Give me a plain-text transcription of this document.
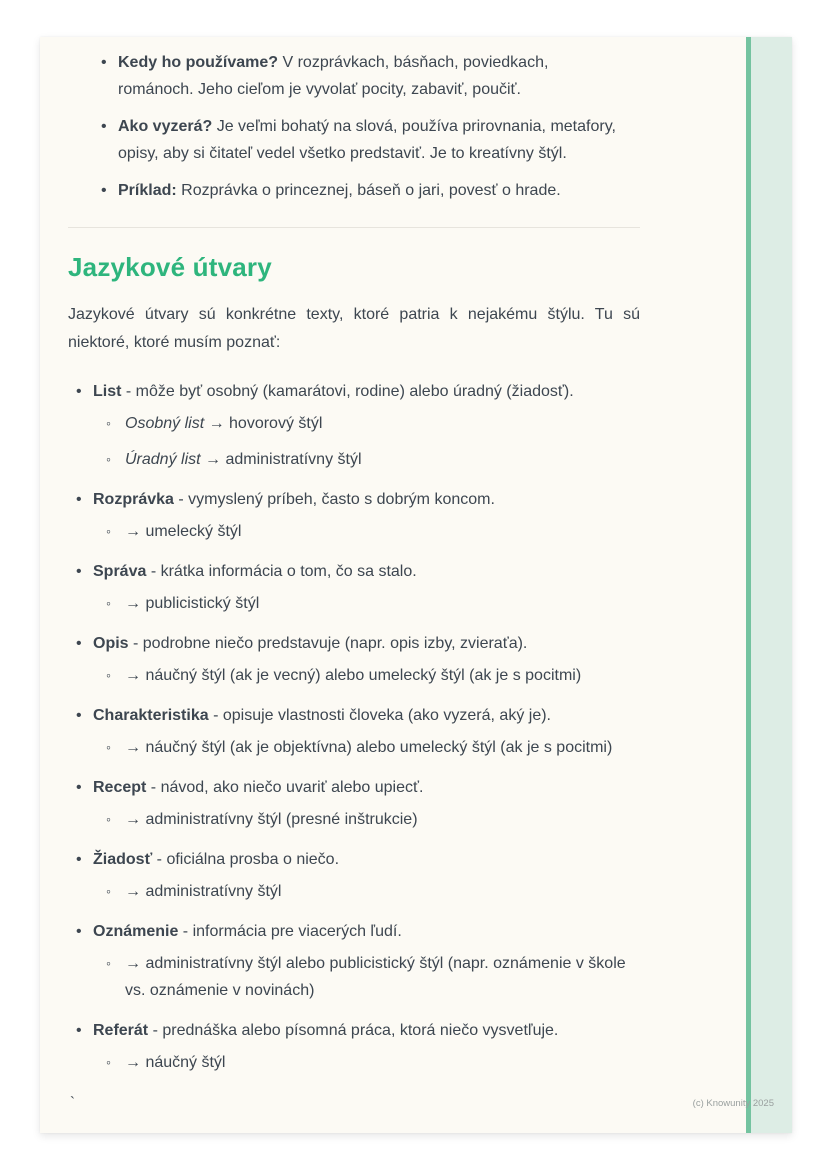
• Kedy ho používame? V rozprávkach, básňach, poviedkach, románoch. Jeho cieľom je vyvolať pocity, zabaviť, poučiť.
• Ako vyzerá? Je veľmi bohatý na slová, používa prirovnania, metafory, opisy, aby si čitateľ vedel všetko predstaviť. Je to kreatívny štýl.
• Príklad: Rozprávka o princeznej, báseň o jari, povesť o hrade.
Jazykové útvary

Jazykové útvary sú konkrétne texty, ktoré patria k nejakému štýlu. Tu sú niektoré, ktoré musím poznať:

• List - môže byť osobný (kamarátovi, rodine) alebo úradný (žiadosť).
◦ Osobný list → hovorový štýl
◦ Úradný list → administratívny štýl
• Rozprávka - vymyslený príbeh, často s dobrým koncom.
◦ → umelecký štýl
• Správa - krátka informácia o tom, čo sa stalo.
◦ → publicistický štýl
• Opis - podrobne niečo predstavuje (napr. opis izby, zvieraťa).
◦ → náučný štýl (ak je vecný) alebo umelecký štýl (ak je s pocitmi)
• Charakteristika - opisuje vlastnosti človeka (ako vyzerá, aký je).
◦ → náučný štýl (ak je objektívna) alebo umelecký štýl (ak je s pocitmi)
• Recept - návod, ako niečo uvariť alebo upiecť.
◦ → administratívny štýl (presné inštrukcie)
• Žiadosť - oficiálna prosba o niečo.
◦ → administratívny štýl
• Oznámenie - informácia pre viacerých ľudí.
◦ → administratívny štýl alebo publicistický štýl (napr. oznámenie v škole vs. oznámenie v novinách)
• Referát - prednáška alebo písomná práca, ktorá niečo vysvetľuje.
◦ → náučný štýl
`	(c) Knowunity 2025
